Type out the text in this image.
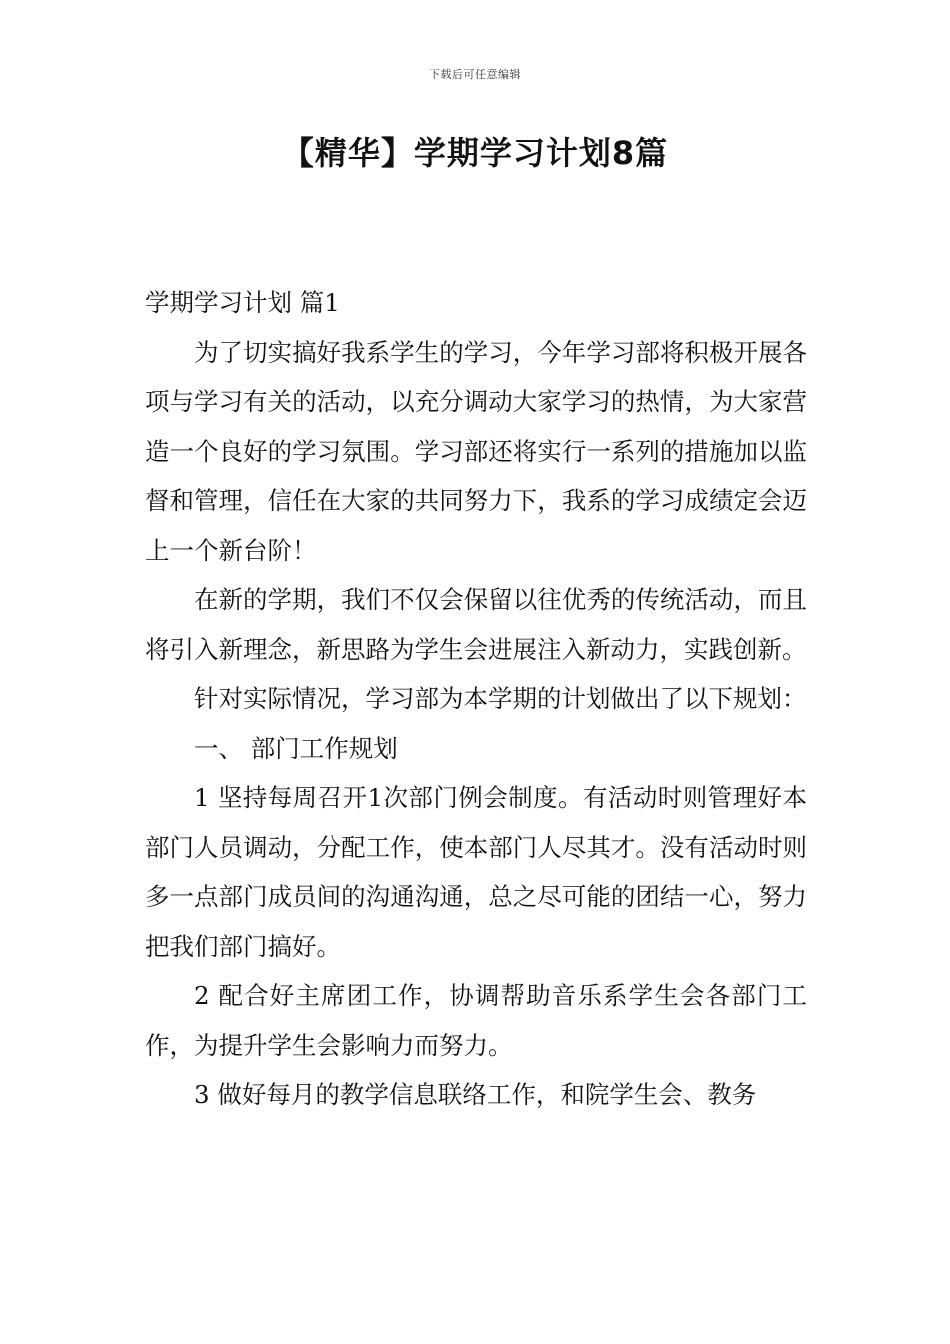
下载后可任意编辑
【精华】学期学习计划8篇

学期学习计划 篇1

为了切实搞好我系学生的学习，今年学习部将积极开展各项与学习有关的活动，以充分调动大家学习的热情，为大家营造一个良好的学习氛围。学习部还将实行一系列的措施加以监督和管理，信任在大家的共同努力下，我系的学习成绩定会迈上一个新台阶！

在新的学期，我们不仅会保留以往优秀的传统活动，而且将引入新理念，新思路为学生会进展注入新动力，实践创新。

针对实际情况，学习部为本学期的计划做出了以下规划：

一、 部门工作规划

1 坚持每周召开1次部门例会制度。有活动时则管理好本部门人员调动，分配工作，使本部门人尽其才。没有活动时则多一点部门成员间的沟通沟通，总之尽可能的团结一心，努力把我们部门搞好。

2 配合好主席团工作，协调帮助音乐系学生会各部门工作，为提升学生会影响力而努力。

3 做好每月的教学信息联络工作，和院学生会、教务
